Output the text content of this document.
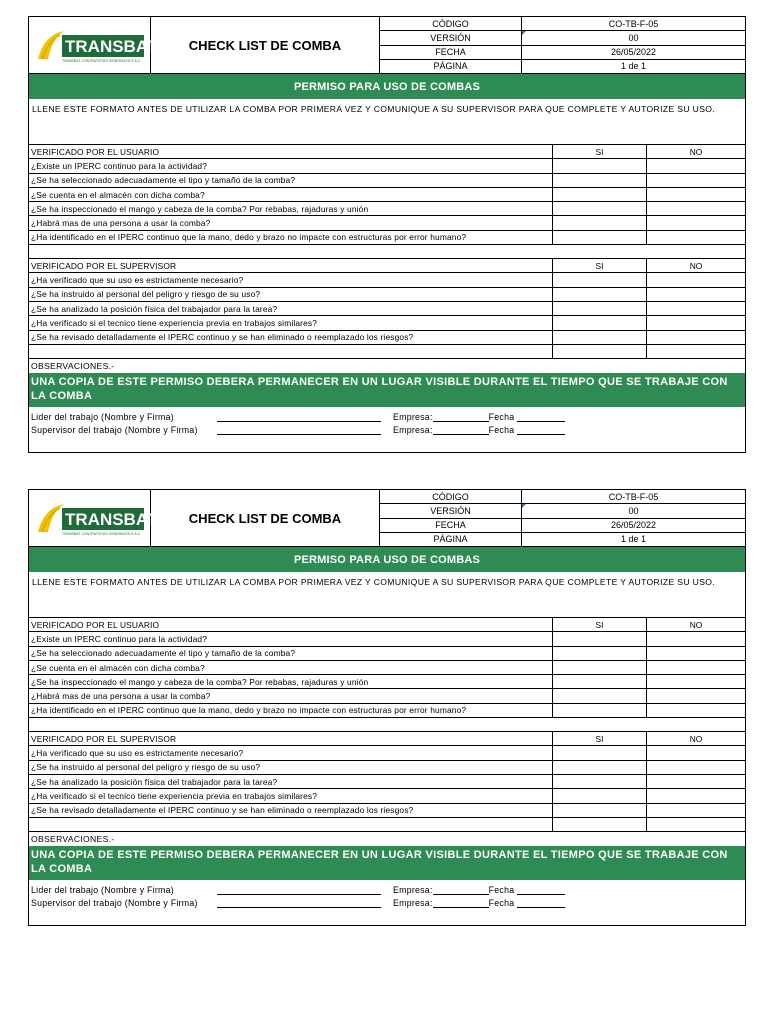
TRANSBAT
TRANSBAT CONTRATISTAS GENERALES S.A.C.
CHECK LIST DE COMBA
CÓDIGO	CO-TB-F-05
VERSIÓN	00
FECHA	26/05/2022
PÁGINA	1 de 1
PERMISO PARA USO DE COMBAS
LLENE ESTE FORMATO ANTES DE UTILIZAR LA COMBA POR PRIMERA VEZ Y COMUNIQUE A SU SUPERVISOR PARA QUE COMPLETE Y AUTORIZE SU USO.
VERIFICADO POR EL USUARIO	SI	NO
¿Existe un IPERC continuo para la actividad?
¿Se ha seleccionado adecuadamente el tipo y tamaño de la comba?
¿Se cuenta en el almacén con dicha comba?
¿Se ha inspeccionado el mango y cabeza de la comba? Por rebabas, rajaduras y unión
¿Habrá mas de una persona a usar la comba?
¿Ha identificado en el IPERC continuo que la mano, dedo y brazo no impacte con estructuras por error humano?
VERIFICADO POR EL SUPERVISOR	SI	NO
¿Ha verificado que su uso es estrictamente necesario?
¿Se ha instruido al personal del peligro y riesgo de su uso?
¿Se ha analizado la posición física del trabajador para la tarea?
¿Ha verificado si el tecnico tiene experiencia previa en trabajos similares?
¿Se ha revisado detalladamente el IPERC continuo y se han eliminado o reemplazado los riesgos?
OBSERVACIONES.-
UNA COPIA DE ESTE PERMISO DEBERA PERMANECER EN UN LUGAR VISIBLE DURANTE EL TIEMPO QUE SE TRABAJE CON LA COMBA
Lider del trabajo (Nombre y Firma)	Empresa:	Fecha
Supervisor del trabajo (Nombre y Firma)	Empresa:	Fecha
TRANSBAT
TRANSBAT CONTRATISTAS GENERALES S.A.C.
CHECK LIST DE COMBA
CÓDIGO	CO-TB-F-05
VERSIÓN	00
FECHA	26/05/2022
PÁGINA	1 de 1
PERMISO PARA USO DE COMBAS
LLENE ESTE FORMATO ANTES DE UTILIZAR LA COMBA POR PRIMERA VEZ Y COMUNIQUE A SU SUPERVISOR PARA QUE COMPLETE Y AUTORIZE SU USO.
VERIFICADO POR EL USUARIO	SI	NO
¿Existe un IPERC continuo para la actividad?
¿Se ha seleccionado adecuadamente el tipo y tamaño de la comba?
¿Se cuenta en el almacén con dicha comba?
¿Se ha inspeccionado el mango y cabeza de la comba? Por rebabas, rajaduras y unión
¿Habrá mas de una persona a usar la comba?
¿Ha identificado en el IPERC continuo que la mano, dedo y brazo no impacte con estructuras por error humano?
VERIFICADO POR EL SUPERVISOR	SI	NO
¿Ha verificado que su uso es estrictamente necesario?
¿Se ha instruido al personal del peligro y riesgo de su uso?
¿Se ha analizado la posición física del trabajador para la tarea?
¿Ha verificado si el tecnico tiene experiencia previa en trabajos similares?
¿Se ha revisado detalladamente el IPERC continuo y se han eliminado o reemplazado los riesgos?
OBSERVACIONES.-
UNA COPIA DE ESTE PERMISO DEBERA PERMANECER EN UN LUGAR VISIBLE DURANTE EL TIEMPO QUE SE TRABAJE CON LA COMBA
Lider del trabajo (Nombre y Firma)	Empresa:	Fecha
Supervisor del trabajo (Nombre y Firma)	Empresa:	Fecha
